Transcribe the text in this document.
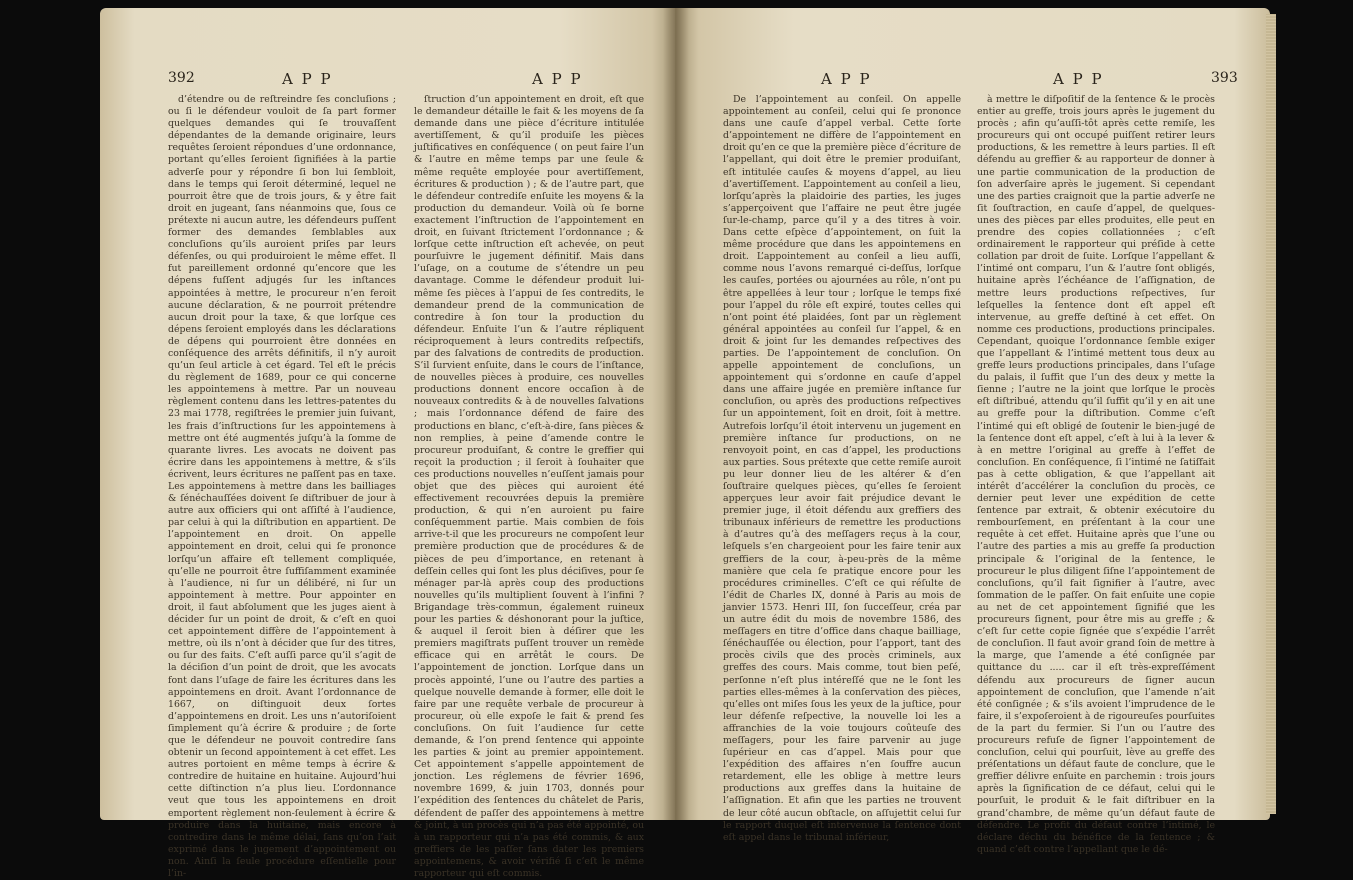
392	A P P	A P P

d’étendre ou de reſtreindre ſes concluſions ; ou ſi le défendeur vouloit de ſa part former quelques demandes qui ſe trouvaſſent dépendantes de la demande originaire, leurs requêtes ſeroient répondues d’une ordonnance, portant qu’elles ſeroient ſignifiées à la partie adverſe pour y répondre ſi bon lui ſembloit, dans le temps qui ſeroit déterminé, lequel ne pourroit être que de trois jours, & y être fait droit en jugeant, ſans néanmoins que, ſous ce prétexte ni aucun autre, les défendeurs puſſent former des demandes ſemblables aux concluſions qu’ils auroient priſes par leurs défenſes, ou qui produiroient le même effet. Il fut pareillement ordonné qu’encore que les dépens fuſſent adjugés ſur les inſtances appointées à mettre, le procureur n’en feroit aucune déclaration, & ne pourroit prétendre aucun droit pour la taxe, & que lorſque ces dépens ſeroient employés dans les déclarations de dépens qui pourroient être données en conſéquence des arrêts définitifs, il n’y auroit qu’un ſeul article à cet égard. Tel eſt le précis du règlement de 1689, pour ce qui concerne les appointemens à mettre. Par un nouveau règlement contenu dans les lettres-patentes du 23 mai 1778, regiſtrées le premier juin ſuivant, les frais d’inſtructions ſur les appointemens à mettre ont été augmentés juſqu’à la ſomme de quarante livres. Les avocats ne doivent pas écrire dans les appointemens à mettre, & s’ils écrivent, leurs écritures ne paſſent pas en taxe. Les appointemens à mettre dans les bailliages & ſénéchauſſées doivent ſe diſtribuer de jour à autre aux officiers qui ont aſſiſté à l’audience, par celui à qui la diſtribution en appartient. De l’appointement en droit. On appelle appointement en droit, celui qui ſe prononce lorſqu’un affaire eſt tellement compliquée, qu’elle ne pourroit être ſuffiſamment examinée à l’audience, ni ſur un délibéré, ni ſur un appointement à mettre. Pour appointer en droit, il faut abſolument que les juges aient à décider ſur un point de droit, & c’eſt en quoi cet appointement diffère de l’appointement à mettre, où ils n’ont à décider que ſur des titres, ou ſur des faits. C’eſt auſſi parce qu’il s’agit de la déciſion d’un point de droit, que les avocats font dans l’uſage de faire les écritures dans les appointemens en droit. Avant l’ordonnance de 1667, on diſtinguoit deux ſortes d’appointemens en droit. Les uns n’autoriſoient ſimplement qu’à écrire & produire ; de ſorte que le défendeur ne pouvoit contredire ſans obtenir un ſecond appointement à cet effet. Les autres portoient en même temps à écrire & contredire de huitaine en huitaine. Aujourd’hui cette diſtinction n’a plus lieu. L’ordonnance veut que tous les appointemens en droit emportent règlement non-ſeulement à écrire & produire dans la huitaine, mais encore à contredire dans le même délai, ſans qu’on l’ait exprimé dans le jugement d’appointement ou non. Ainſi la ſeule procédure eſſentielle pour l’in-

ſtruction d’un appointement en droit, eſt que le demandeur détaille le fait & les moyens de ſa demande dans une pièce d’écriture intitulée avertiſſement, & qu’il produiſe les pièces juſtificatives en conſéquence ( on peut faire l’un & l’autre en même temps par une ſeule & même requête employée pour avertiſſement, écritures & production ) ; & de l’autre part, que le défendeur contrediſe enſuite les moyens & la production du demandeur. Voilà où ſe borne exactement l’inſtruction de l’appointement en droit, en ſuivant ſtrictement l’ordonnance ; & lorſque cette inſtruction eſt achevée, on peut pourſuivre le jugement définitif. Mais dans l’uſage, on a coutume de s’étendre un peu davantage. Comme le défendeur produit lui-même ſes pièces à l’appui de ſes contredits, le demandeur prend de la communication de contredire à ſon tour la production du défendeur. Enſuite l’un & l’autre répliquent réciproquement à leurs contredits reſpectifs, par des ſalvations de contredits de production. S’il ſurvient enſuite, dans le cours de l’inſtance, de nouvelles pièces à produire, ces nouvelles productions donnent encore occaſion à de nouveaux contredits & à de nouvelles ſalvations ; mais l’ordonnance défend de faire des productions en blanc, c’eſt-à-dire, ſans pièces & non remplies, à peine d’amende contre le procureur produiſant, & contre le greffier qui reçoit la production ; il ſeroit à ſouhaiter que ces productions nouvelles n’euſſent jamais pour objet que des pièces qui auroient été effectivement recouvrées depuis la première production, & qui n’en auroient pu faire conſéquemment partie. Mais combien de fois arrive-t-il que les procureurs ne compoſent leur première production que de procédures & de pièces de peu d’importance, en retenant à deſſein celles qui ſont les plus déciſives, pour ſe ménager par-là après coup des productions nouvelles qu’ils multiplient ſouvent à l’infini ? Brigandage très-commun, également ruineux pour les parties & déshonorant pour la juſtice, & auquel il ſeroit bien à déſirer que les premiers magiſtrats puſſent trouver un remède efficace qui en arrêtât le cours. De l’appointement de jonction. Lorſque dans un procès appointé, l’une ou l’autre des parties a quelque nouvelle demande à former, elle doit le faire par une requête verbale de procureur à procureur, où elle expoſe le fait & prend ſes concluſions. On ſuit l’audience ſur cette demande, & l’on prend ſentence qui appointe les parties & joint au premier appointement. Cet appointement s’appelle appointement de jonction. Les réglemens de février 1696, novembre 1699, & juin 1703, donnés pour l’expédition des ſentences du châtelet de Paris, défendent de paſſer des appointemens à mettre & joint, à un procès qui n’a pas été appointé, ou à un rapporteur qui n’a pas été commis, & aux greffiers de les paſſer ſans dater les premiers appointemens, & avoir vérifié ſi c’eſt le même rapporteur qui eſt commis.

A P P	A P P	393

De l’appointement au conſeil. On appelle appointement au conſeil, celui qui ſe prononce dans une cauſe d’appel verbal. Cette ſorte d’appointement ne diffère de l’appointement en droit qu’en ce que la première pièce d’écriture de l’appellant, qui doit être le premier produiſant, eſt intitulée cauſes & moyens d’appel, au lieu d’avertiſſement. L’appointement au conſeil a lieu, lorſqu’après la plaidoirie des parties, les juges s’apperçoivent que l’affaire ne peut être jugée ſur-le-champ, parce qu’il y a des titres à voir. Dans cette eſpèce d’appointement, on ſuit la même procédure que dans les appointemens en droit. L’appointement au conſeil a lieu auſſi, comme nous l’avons remarqué ci-deſſus, lorſque les cauſes, portées ou ajournées au rôle, n’ont pu être appellées à leur tour ; lorſque le temps fixé pour l’appel du rôle eſt expiré, toutes celles qui n’ont point été plaidées, ſont par un règlement général appointées au conſeil ſur l’appel, & en droit & joint ſur les demandes reſpectives des parties. De l’appointement de concluſion. On appelle appointement de concluſions, un appointement qui s’ordonne en cauſe d’appel dans une affaire jugée en première inſtance ſur concluſion, ou après des productions reſpectives ſur un appointement, ſoit en droit, ſoit à mettre. Autrefois lorſqu’il étoit intervenu un jugement en première inſtance ſur productions, on ne renvoyoit point, en cas d’appel, les productions aux parties. Sous prétexte que cette remiſe auroit pu leur donner lieu de les altérer & d’en ſouſtraire quelques pièces, qu’elles ſe ſeroient apperçues leur avoir fait préjudice devant le premier juge, il étoit défendu aux greffiers des tribunaux inférieurs de remettre les productions à d’autres qu’à des meſſagers reçus à la cour, leſquels s’en chargeoient pour les faire tenir aux greffiers de la cour, à-peu-près de la même manière que cela ſe pratique encore pour les procédures criminelles. C’eſt ce qui réſulte de l’édit de Charles IX, donné à Paris au mois de janvier 1573. Henri III, ſon ſucceſſeur, créa par un autre édit du mois de novembre 1586, des meſſagers en titre d’office dans chaque bailliage, ſénéchauſſée ou élection, pour l’apport, tant des procès civils que des procès criminels, aux greffes des cours. Mais comme, tout bien peſé, perſonne n’eſt plus intéreſſé que ne le ſont les parties elles-mêmes à la conſervation des pièces, qu’elles ont miſes ſous les yeux de la juſtice, pour leur défenſe reſpective, la nouvelle loi les a affranchies de la voie toujours coûteuſe des meſſagers, pour les faire parvenir au juge ſupérieur en cas d’appel. Mais pour que l’expédition des affaires n’en ſouffre aucun retardement, elle les oblige à mettre leurs productions aux greffes dans la huitaine de l’aſſignation. Et afin que les parties ne trouvent de leur côté aucun obſtacle, on aſſujettit celui ſur le rapport duquel eſt intervenue la ſentence dont eſt appel dans le tribunal inférieur,

à mettre le diſpoſitif de la ſentence & le procès entier au greffe, trois jours après le jugement du procès ; afin qu’auſſi-tôt après cette remiſe, les procureurs qui ont occupé puiſſent retirer leurs productions, & les remettre à leurs parties. Il eſt défendu au greffier & au rapporteur de donner à une partie communication de la production de ſon adverſaire après le jugement. Si cependant une des parties craignoit que la partie adverſe ne ſit ſouſtraction, en cauſe d’appel, de quelques-unes des pièces par elles produites, elle peut en prendre des copies collationnées ; c’eſt ordinairement le rapporteur qui préſide à cette collation par droit de ſuite. Lorſque l’appellant & l’intimé ont comparu, l’un & l’autre ſont obligés, huitaine après l’échéance de l’aſſignation, de mettre leurs productions reſpectives, ſur leſquelles la ſentence dont eſt appel eſt intervenue, au greffe deſtiné à cet effet. On nomme ces productions, productions principales. Cependant, quoique l’ordonnance ſemble exiger que l’appellant & l’intimé mettent tous deux au greffe leurs productions principales, dans l’uſage du palais, il ſuffit que l’un des deux y mette la ſienne ; l’autre ne la joint que lorſque le procès eſt diſtribué, attendu qu’il ſuffit qu’il y en ait une au greffe pour la diſtribution. Comme c’eſt l’intimé qui eſt obligé de ſoutenir le bien-jugé de la ſentence dont eſt appel, c’eſt à lui à la lever & à en mettre l’original au greffe à l’effet de concluſion. En conſéquence, ſi l’intimé ne ſatiſfait pas à cette obligation, & que l’appellant ait intérêt d’accélérer la concluſion du procès, ce dernier peut lever une expédition de cette ſentence par extrait, & obtenir exécutoire du rembourſement, en préſentant à la cour une requête à cet effet. Huitaine après que l’une ou l’autre des parties a mis au greffe ſa production principale & l’original de la ſentence, le procureur le plus diligent ſiſne l’appointement de concluſions, qu’il fait ſignifier à l’autre, avec ſommation de le paſſer. On fait enſuite une copie au net de cet appointement ſignifié que les procureurs ſignent, pour être mis au greffe ; & c’eſt ſur cette copie ſignée que s’expédie l’arrêt de concluſion. Il faut avoir grand ſoin de mettre à la marge, que l’amende a été conſignée par quittance du ..... car il eſt très-expreſſément défendu aux procureurs de ſigner aucun appointement de concluſion, que l’amende n’ait été conſignée ; & s’ils avoient l’imprudence de le faire, il s’expoſeroient à de rigoureuſes pourſuites de la part du fermier. Si l’un ou l’autre des procureurs refuſe de ſigner l’appointement de concluſion, celui qui pourſuit, lève au greffe des préſentations un défaut faute de conclure, que le greffier délivre enſuite en parchemin : trois jours après la ſignification de ce défaut, celui qui le pourſuit, le produit & le fait diſtribuer en la grand’chambre, de même qu’un défaut faute de défendre. Le profit du défaut contre l’intimé, le déclare déchu du bénéfice de la ſentence ; & quand c’eſt contre l’appellant que le dé-
